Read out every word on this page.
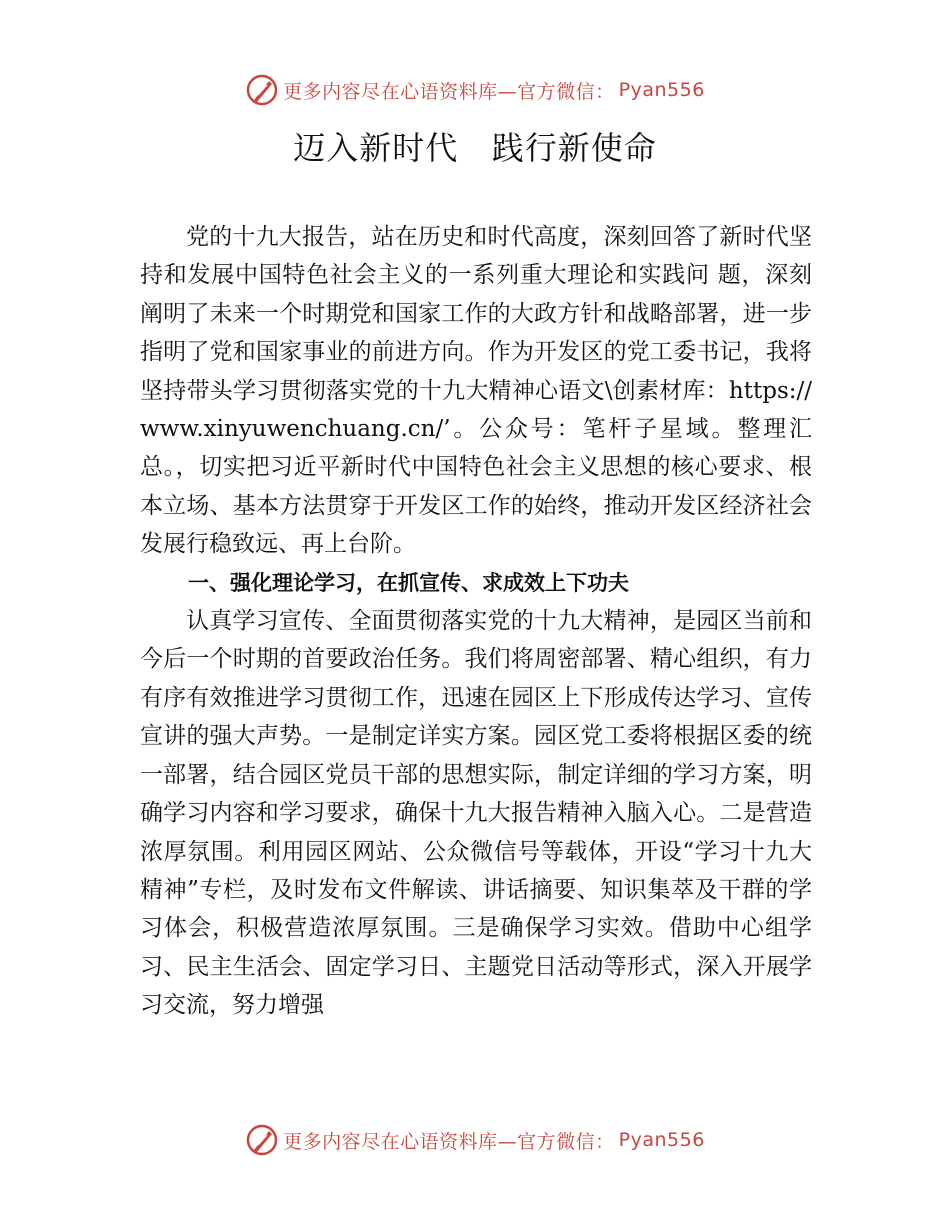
更多内容尽在心语资料库—官方微信： Pyan556
迈入新时代   践行新使命

党的十九大报告，站在历史和时代高度，深刻回答了新时代坚持和发展中国特色社会主义的一系列重大理论和实践问 题，深刻阐明了未来一个时期党和国家工作的大政方针和战略部署，进一步指明了党和国家事业的前进方向。作为开发区的党工委书记，我将坚持带头学习贯彻落实党的十九大精神心语文\创素材库：https://www.xinyuwenchuang.cn/’。公众号：笔杆子星域。整理汇总。，切实把习近平新时代中国特色社会主义思想的核心要求、根本立场、基本方法贯穿于开发区工作的始终，推动开发区经济社会发展行稳致远、再上台阶。

一、强化理论学习，在抓宣传、求成效上下功夫

认真学习宣传、全面贯彻落实党的十九大精神，是园区当前和今后一个时期的首要政治任务。我们将周密部署、精心组织，有力有序有效推进学习贯彻工作，迅速在园区上下形成传达学习、宣传宣讲的强大声势。一是制定详实方案。园区党工委将根据区委的统一部署，结合园区党员干部的思想实际，制定详细的学习方案，明确学习内容和学习要求，确保十九大报告精神入脑入心。二是营造浓厚氛围。利用园区网站、公众微信号等载体，开设“学习十九大精神”专栏，及时发布文件解读、讲话摘要、知识集萃及干群的学习体会，积极营造浓厚氛围。三是确保学习实效。借助中心组学习、民主生活会、固定学习日、主题党日活动等形式，深入开展学习交流，努力增强

更多内容尽在心语资料库—官方微信： Pyan556
